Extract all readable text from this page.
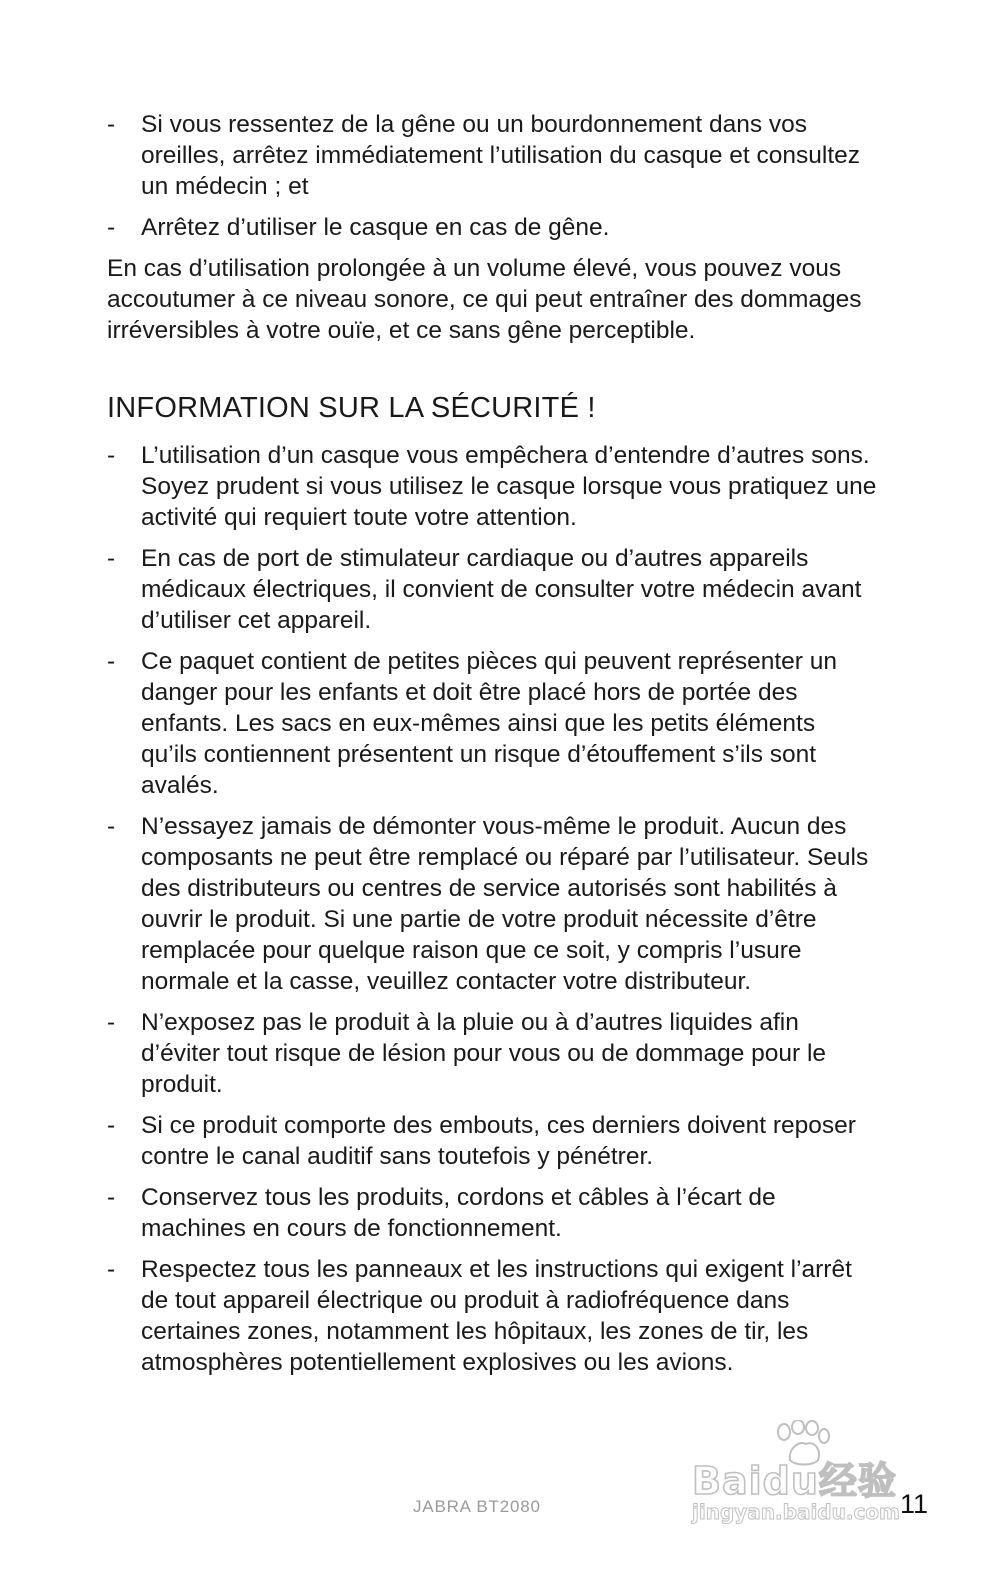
- Si vous ressentez de la gêne ou un bourdonnement dans vos oreilles, arrêtez immédiatement l’utilisation du casque et consultez un médecin ; et
- Arrêtez d’utiliser le casque en cas de gêne.

En cas d’utilisation prolongée à un volume élevé, vous pouvez vous accoutumer à ce niveau sonore, ce qui peut entraîner des dommages irréversibles à votre ouïe, et ce sans gêne perceptible.

INFORMATION SUR LA SÉCURITÉ !
- L’utilisation d’un casque vous empêchera d’entendre d’autres sons. Soyez prudent si vous utilisez le casque lorsque vous pratiquez une activité qui requiert toute votre attention.
- En cas de port de stimulateur cardiaque ou d’autres appareils médicaux électriques, il convient de consulter votre médecin avant d’utiliser cet appareil.
- Ce paquet contient de petites pièces qui peuvent représenter un danger pour les enfants et doit être placé hors de portée des enfants. Les sacs en eux-mêmes ainsi que les petits éléments qu’ils contiennent présentent un risque d’étouffement s’ils sont avalés.
- N’essayez jamais de démonter vous-même le produit. Aucun des composants ne peut être remplacé ou réparé par l’utilisateur. Seuls des distributeurs ou centres de service autorisés sont habilités à ouvrir le produit. Si une partie de votre produit nécessite d’être remplacée pour quelque raison que ce soit, y compris l’usure normale et la casse, veuillez contacter votre distributeur.
- N’exposez pas le produit à la pluie ou à d’autres liquides afin d’éviter tout risque de lésion pour vous ou de dommage pour le produit.
- Si ce produit comporte des embouts, ces derniers doivent reposer contre le canal auditif sans toutefois y pénétrer.
- Conservez tous les produits, cordons et câbles à l’écart de machines en cours de fonctionnement.
- Respectez tous les panneaux et les instructions qui exigent l’arrêt de tout appareil électrique ou produit à radiofréquence dans certaines zones, notamment les hôpitaux, les zones de tir, les atmosphères potentiellement explosives ou les avions.
Baidu经验
jingyan.baidu.com
JABRA BT2080	11
